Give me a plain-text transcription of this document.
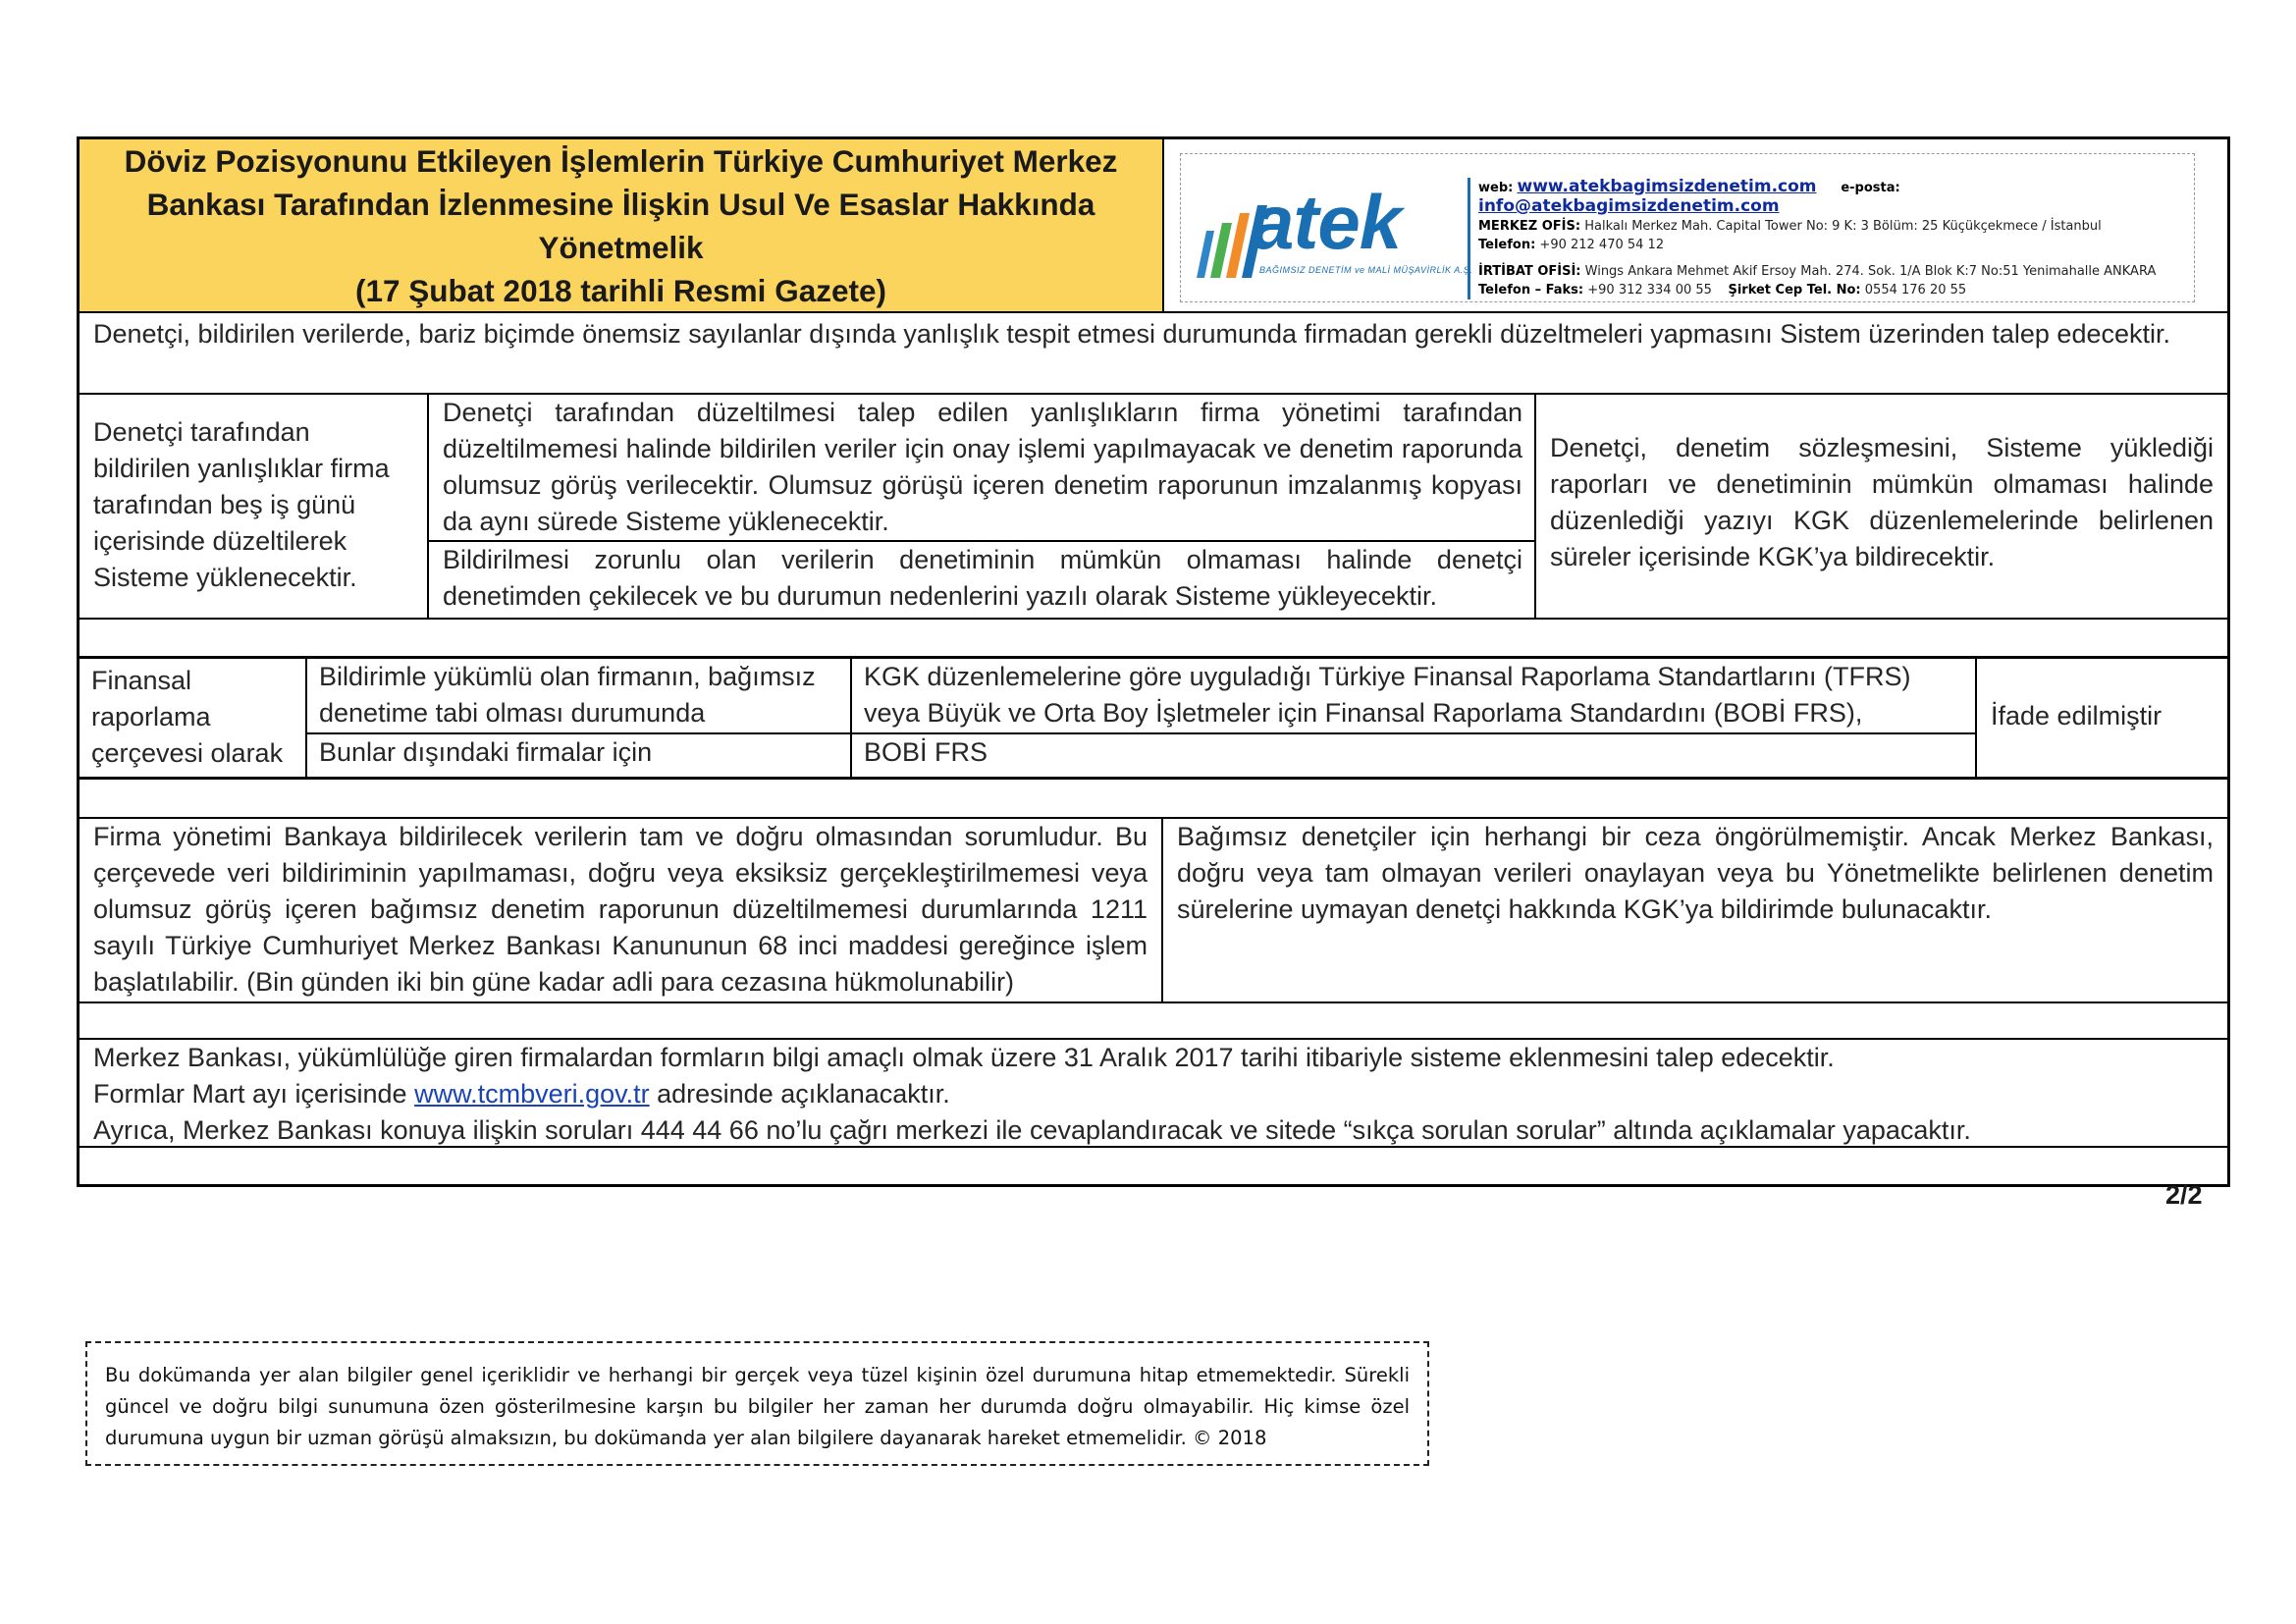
Döviz Pozisyonunu Etkileyen İşlemlerin Türkiye Cumhuriyet Merkez
Bankası Tarafından İzlenmesine İlişkin Usul Ve Esaslar Hakkında
Yönetmelik
(17 Şubat 2018 tarihli Resmi Gazete)
atek
BAĞIMSIZ DENETİM ve MALİ MÜŞAVİRLİK A.Ş.
web: www.atekbagimsizdenetim.com e-posta: info@atekbagimsizdenetim.com
MERKEZ OFİS: Halkalı Merkez Mah. Capital Tower No: 9 K: 3 Bölüm: 25 Küçükçekmece / İstanbul
Telefon: +90 212 470 54 12
İRTİBAT OFİSİ: Wings Ankara Mehmet Akif Ersoy Mah. 274. Sok. 1/A Blok K:7 No:51 Yenimahalle ANKARA
Telefon – Faks: +90 312 334 00 55 Şirket Cep Tel. No: 0554 176 20 55
Denetçi, bildirilen verilerde, bariz biçimde önemsiz sayılanlar dışında yanlışlık tespit etmesi durumunda firmadan gerekli düzeltmeleri yapmasını Sistem üzerinden talep edecektir.
Denetçi tarafından bildirilen yanlışlıklar firma tarafından beş iş günü içerisinde düzeltilerek Sisteme yüklenecektir.
Denetçi tarafından düzeltilmesi talep edilen yanlışlıkların firma yönetimi tarafından düzeltilmemesi halinde bildirilen veriler için onay işlemi yapılmayacak ve denetim raporunda olumsuz görüş verilecektir. Olumsuz görüşü içeren denetim raporunun imzalanmış kopyası da aynı sürede Sisteme yüklenecektir.
Bildirilmesi zorunlu olan verilerin denetiminin mümkün olmaması halinde denetçi denetimden çekilecek ve bu durumun nedenlerini yazılı olarak Sisteme yükleyecektir.
Denetçi, denetim sözleşmesini, Sisteme yüklediği raporları ve denetiminin mümkün olmaması halinde düzenlediği yazıyı KGK düzenlemelerinde belirlenen süreler içerisinde KGK’ya bildirecektir.
Finansal raporlama çerçevesi olarak
Bildirimle yükümlü olan firmanın, bağımsız denetime tabi olması durumunda
KGK düzenlemelerine göre uyguladığı Türkiye Finansal Raporlama Standartlarını (TFRS) veya Büyük ve Orta Boy İşletmeler için Finansal Raporlama Standardını (BOBİ FRS),
Bunlar dışındaki firmalar için	BOBİ FRS
İfade edilmiştir
Firma yönetimi Bankaya bildirilecek verilerin tam ve doğru olmasından sorumludur. Bu çerçevede veri bildiriminin yapılmaması, doğru veya eksiksiz gerçekleştirilmemesi veya olumsuz görüş içeren bağımsız denetim raporunun düzeltilmemesi durumlarında 1211 sayılı Türkiye Cumhuriyet Merkez Bankası Kanununun 68 inci maddesi gereğince işlem başlatılabilir. (Bin günden iki bin güne kadar adli para cezasına hükmolunabilir)
Bağımsız denetçiler için herhangi bir ceza öngörülmemiştir. Ancak Merkez Bankası, doğru veya tam olmayan verileri onaylayan veya bu Yönetmelikte belirlenen denetim sürelerine uymayan denetçi hakkında KGK’ya bildirimde bulunacaktır.
Merkez Bankası, yükümlülüğe giren firmalardan formların bilgi amaçlı olmak üzere 31 Aralık 2017 tarihi itibariyle sisteme eklenmesini talep edecektir.
Formlar Mart ayı içerisinde www.tcmbveri.gov.tr adresinde açıklanacaktır.
Ayrıca, Merkez Bankası konuya ilişkin soruları 444 44 66 no’lu çağrı merkezi ile cevaplandıracak ve sitede “sıkça sorulan sorular” altında açıklamalar yapacaktır.
2/2
Bu dokümanda yer alan bilgiler genel içeriklidir ve herhangi bir gerçek veya tüzel kişinin özel durumuna hitap etmemektedir. Sürekli güncel ve doğru bilgi sunumuna özen gösterilmesine karşın bu bilgiler her zaman her durumda doğru olmayabilir. Hiç kimse özel durumuna uygun bir uzman görüşü almaksızın, bu dokümanda yer alan bilgilere dayanarak hareket etmemelidir. © 2018
